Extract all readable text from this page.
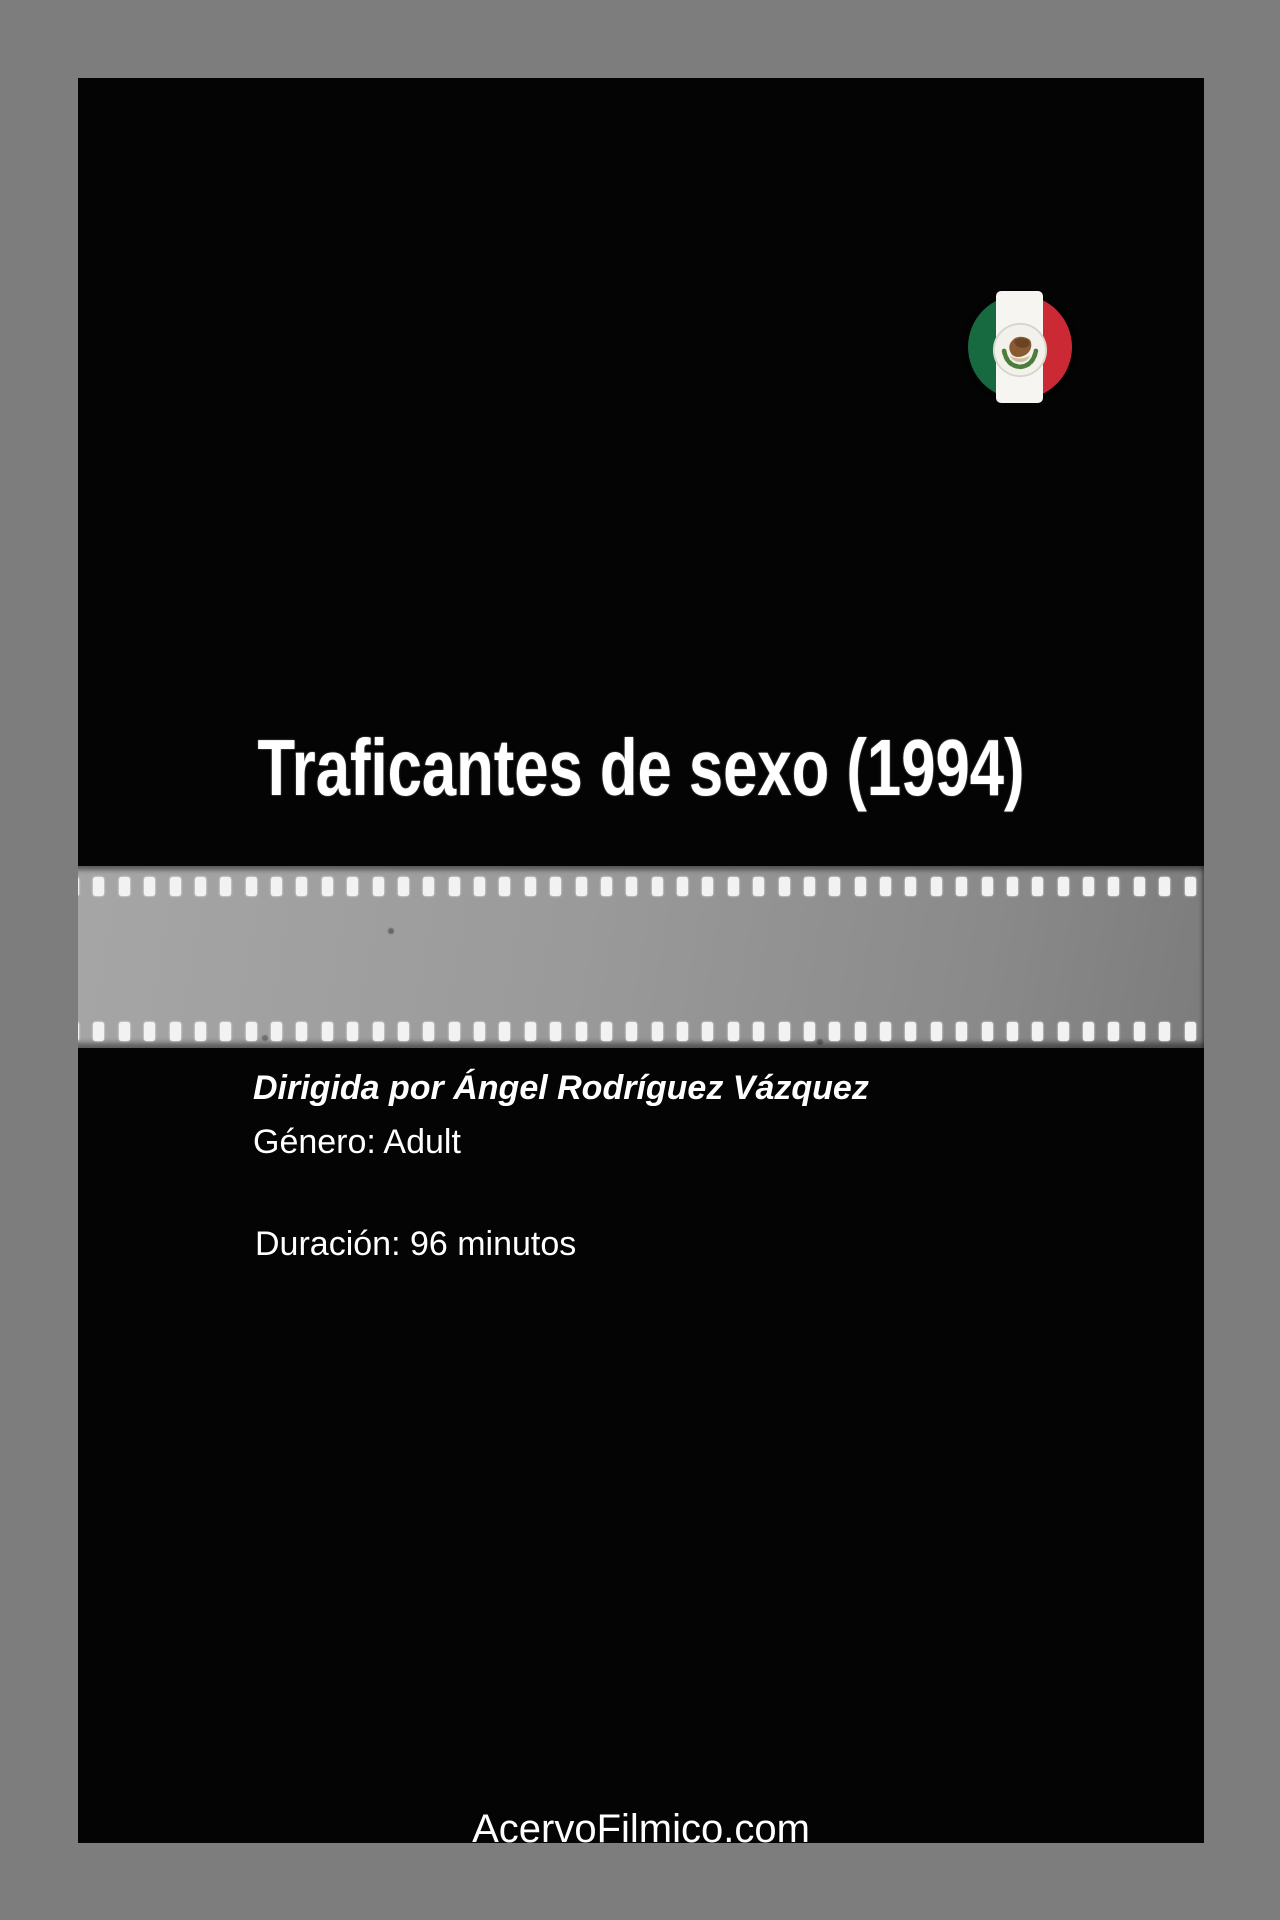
Traficantes de sexo (1994)
Dirigida por Ángel Rodríguez Vázquez
Género: Adult
Duración: 96 minutos
AcervoFilmico.com
